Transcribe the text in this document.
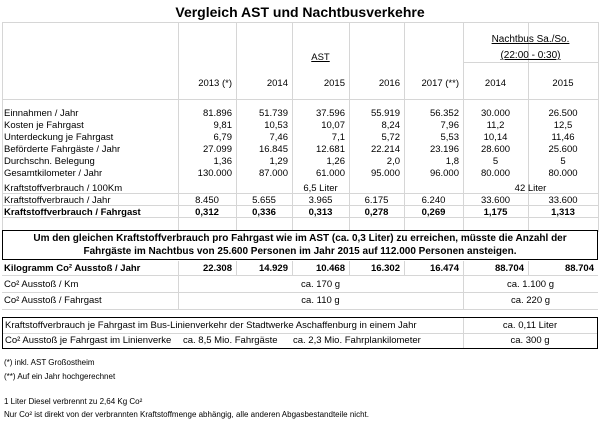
Vergleich AST und Nachtbusverkehre
AST
Nachtbus Sa./So.
(22:00 - 0:30)
2013 (*)	2014	2015	2016	2017 (**)	2014	2015
Einnahmen / Jahr	81.896	51.739	37.596	55.919	56.352	30.000	26.500
Kosten je Fahrgast	9,81	10,53	10,07	8,24	7,96	11,2	12,5
Unterdeckung je Fahrgast	6,79	7,46	7,1	5,72	5,53	10,14	11,46
Beförderte Fahrgäste / Jahr	27.099	16.845	12.681	22.214	23.196	28.600	25.600
Durchschn. Belegung	1,36	1,29	1,26	2,0	1,8	5	5
Gesamtkilometer / Jahr	130.000	87.000	61.000	95.000	96.000	80.000	80.000
Kraftstoffverbrauch / 100Km	6,5 Liter	42 Liter
Kraftstoffverbrauch / Jahr	8.450	5.655	3.965	6.175	6.240	33.600	33.600
Kraftstoffverbrauch / Fahrgast	0,312	0,336	0,313	0,278	0,269	1,175	1,313
Um den gleichen Kraftstoffverbrauch pro Fahrgast wie im AST (ca. 0,3 Liter) zu erreichen, müsste die Anzahl der
Fahrgäste im Nachtbus von 25.600 Personen im Jahr 2015 auf 112.000 Personen ansteigen.
Kilogramm Co² Ausstoß / Jahr	22.308	14.929	10.468	16.302	16.474	88.704	88.704
Co² Ausstoß / Km	ca. 170 g	ca. 1.100 g
Co² Ausstoß / Fahrgast	ca. 110 g	ca. 220 g
Kraftstoffverbrauch je Fahrgast im Bus-Linienverkehr der Stadtwerke Aschaffenburg in einem Jahr	ca. 0,11 Liter
Co² Ausstoß je Fahrgast im Linienverke ca. 8,5 Mio. Fahrgäste ca. 2,3 Mio. Fahrplankilometer	ca. 300 g
(*) inkl. AST Großostheim
(**) Auf ein Jahr hochgerechnet
1 Liter Diesel verbrennt zu 2,64 Kg Co²
Nur Co² ist direkt von der verbrannten Kraftstoffmenge abhängig, alle anderen Abgasbestandteile nicht.
